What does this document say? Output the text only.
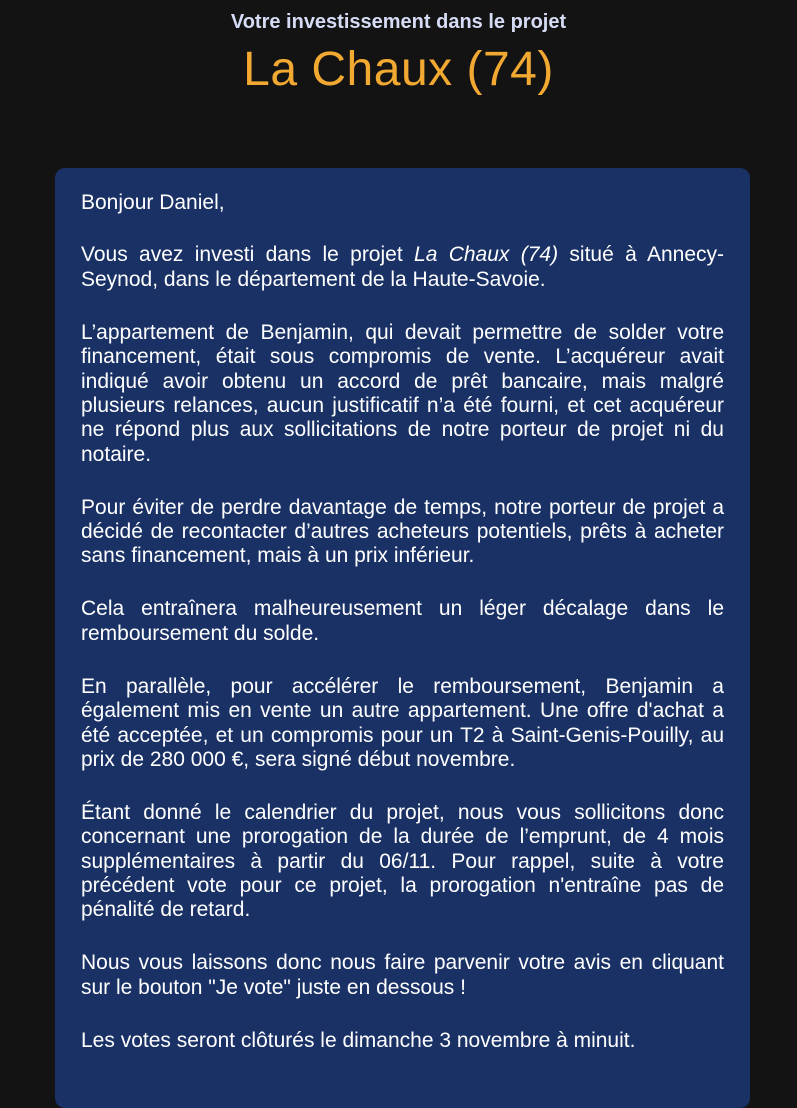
Votre investissement dans le projet

La Chaux (74)

Bonjour Daniel,

Vous avez investi dans le projet La Chaux (74) situé à Annecy-Seynod, dans le département de la Haute-Savoie.

L’appartement de Benjamin, qui devait permettre de solder votre financement, était sous compromis de vente. L’acquéreur avait indiqué avoir obtenu un accord de prêt bancaire, mais malgré plusieurs relances, aucun justificatif n’a été fourni, et cet acquéreur ne répond plus aux sollicitations de notre porteur de projet ni du notaire.

Pour éviter de perdre davantage de temps, notre porteur de projet a décidé de recontacter d’autres acheteurs potentiels, prêts à acheter sans financement, mais à un prix inférieur.

Cela entraînera malheureusement un léger décalage dans le remboursement du solde.

En parallèle, pour accélérer le remboursement, Benjamin a également mis en vente un autre appartement. Une offre d'achat a été acceptée, et un compromis pour un T2 à Saint-Genis-Pouilly, au prix de 280 000 €, sera signé début novembre.

Étant donné le calendrier du projet, nous vous sollicitons donc concernant une prorogation de la durée de l’emprunt, de 4 mois supplémentaires à partir du 06/11. Pour rappel, suite à votre précédent vote pour ce projet, la prorogation n'entraîne pas de pénalité de retard.

Nous vous laissons donc nous faire parvenir votre avis en cliquant sur le bouton "Je vote" juste en dessous !

Les votes seront clôturés le dimanche 3 novembre à minuit.
